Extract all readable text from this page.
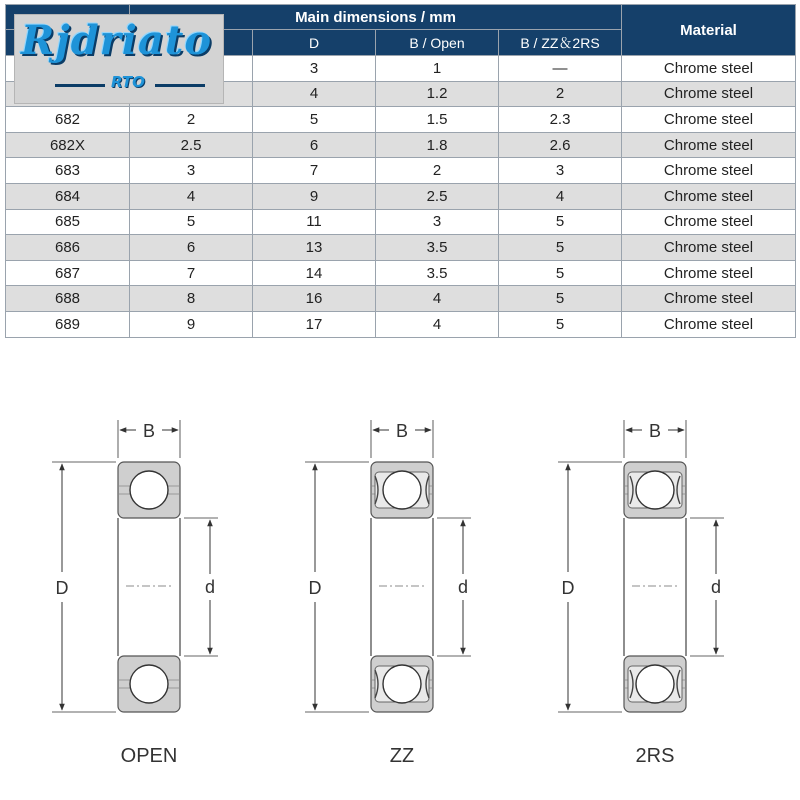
	Main dimensions / mm				Material
		D	B / Open	B / ZZ＆2RS	
		3	1	—	Chrome steel
		4	1.2	2	Chrome steel
682	2	5	1.5	2.3	Chrome steel
682X	2.5	6	1.8	2.6	Chrome steel
683	3	7	2	3	Chrome steel
684	4	9	2.5	4	Chrome steel
685	5	11	3	5	Chrome steel
686	6	13	3.5	5	Chrome steel
687	7	14	3.5	5	Chrome steel
688	8	16	4	5	Chrome steel
689	9	17	4	5	Chrome steel
Rjdriato
RTO
B
D	d
OPEN
B
D	d
ZZ
B
D	d
2RS
